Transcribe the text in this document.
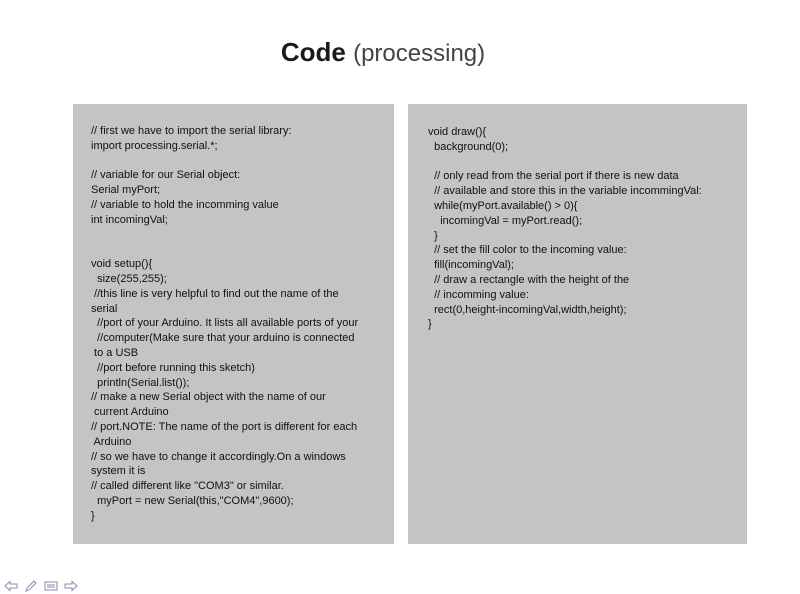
Code (processing)
// first we have to import the serial library:
import processing.serial.*;
// variable for our Serial object:
Serial myPort;
// variable to hold the incomming value
int incomingVal;
void setup(){
size(255,255);
//this line is very helpful to find out the name of the
serial
//port of your Arduino. It lists all available ports of your
//computer(Make sure that your arduino is connected
to a USB
//port before running this sketch)
println(Serial.list());
// make a new Serial object with the name of our
current Arduino
// port.NOTE: The name of the port is different for each
Arduino
// so we have to change it accordingly.On a windows
system it is
// called different like "COM3" or similar.
myPort = new Serial(this,"COM4",9600);
}
void draw(){
background(0);
// only read from the serial port if there is new data
// available and store this in the variable incommingVal:
while(myPort.available() > 0){
incomingVal = myPort.read();
}
// set the fill color to the incoming value:
fill(incomingVal);
// draw a rectangle with the height of the
// incomming value:
rect(0,height-incomingVal,width,height);
}
